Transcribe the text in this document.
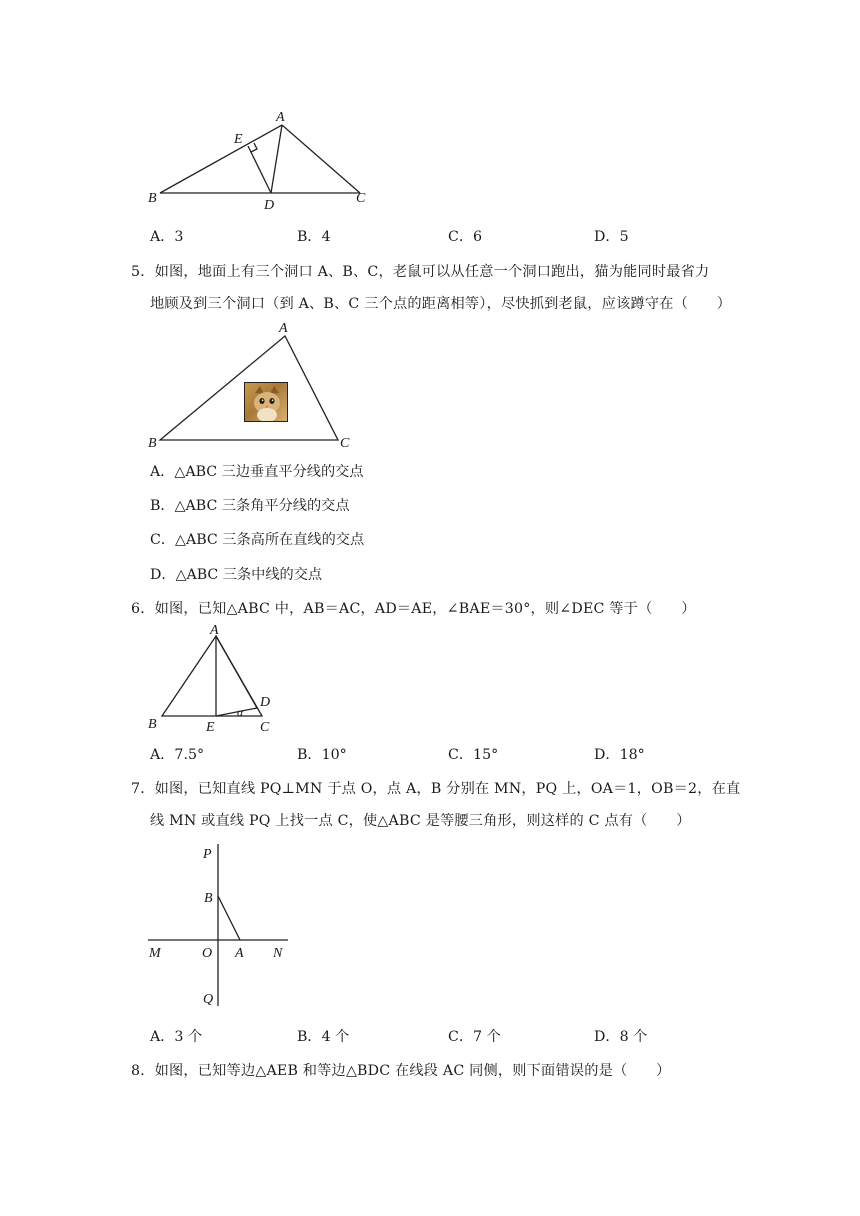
A
E
B	D	C
A．3	B．4	C．6	D．5
5．如图，地面上有三个洞口 A、B、C，老鼠可以从任意一个洞口跑出，猫为能同时最省力
地顾及到三个洞口（到 A、B、C 三个点的距离相等），尽快抓到老鼠，应该蹲守在（　　）
A
B	C
A．△ABC 三边垂直平分线的交点
B．△ABC 三条角平分线的交点
C．△ABC 三条高所在直线的交点
D．△ABC 三条中线的交点
6．如图，已知△ABC 中，AB＝AC，AD＝AE，∠BAE＝30°，则∠DEC 等于（　　）
A
B	E	C
D
α
A．7.5°	B．10°	C．15°	D．18°
7．如图，已知直线 PQ⊥MN 于点 O，点 A，B 分别在 MN，PQ 上，OA＝1，OB＝2，在直
线 MN 或直线 PQ 上找一点 C，使△ABC 是等腰三角形，则这样的 C 点有（　　）
P
B
M	O A N
Q
A．3 个	B．4 个	C．7 个	D．8 个
8．如图，已知等边△AEB 和等边△BDC 在线段 AC 同侧，则下面错误的是（　　）
